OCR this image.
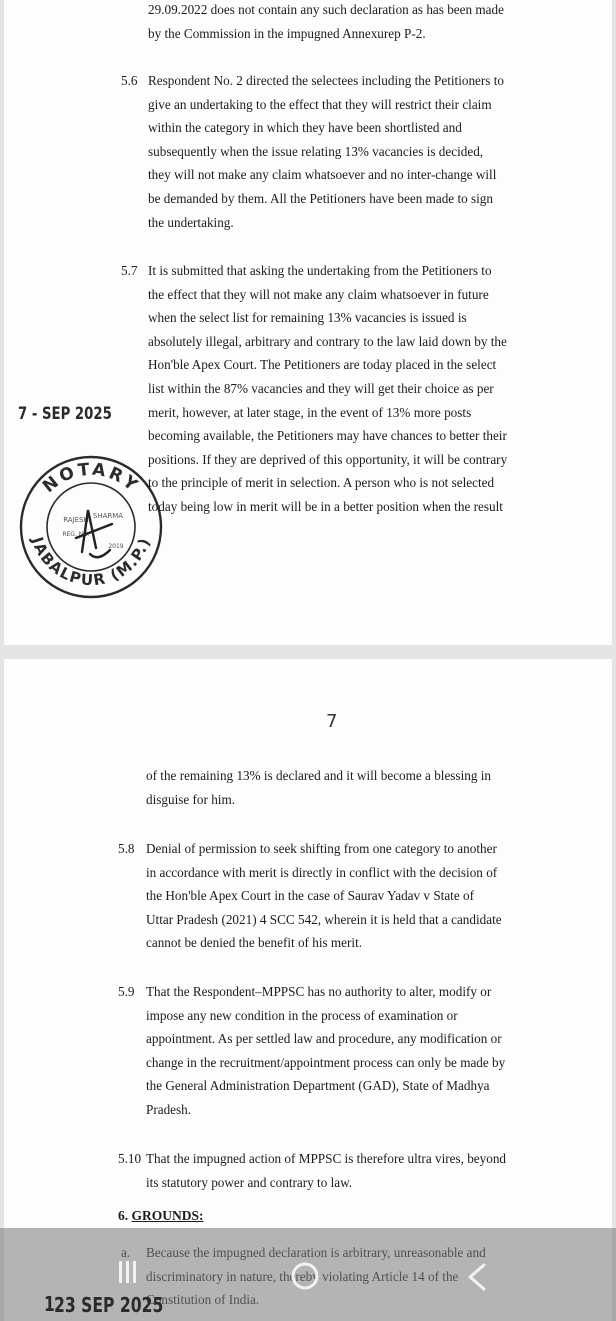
29.09.2022 does not contain any such declaration as has been made
by the Commission in the impugned Annexurep P-2.

5.6 Respondent No. 2 directed the selectees including the Petitioners to
give an undertaking to the effect that they will restrict their claim
within the category in which they have been shortlisted and
subsequently when the issue relating 13% vacancies is decided,
they will not make any claim whatsoever and no inter-change will
be demanded by them. All the Petitioners have been made to sign
the undertaking.

5.7 It is submitted that asking the undertaking from the Petitioners to
the effect that they will not make any claim whatsoever in future
when the select list for remaining 13% vacancies is issued is
absolutely illegal, arbitrary and contrary to the law laid down by the
Hon'ble Apex Court. The Petitioners are today placed in the select
list within the 87% vacancies and they will get their choice as per
merit, however, at later stage, in the event of 13% more posts
becoming available, the Petitioners may have chances to better their
positions. If they are deprived of this opportunity, it will be contrary
to the principle of merit in selection. A person who is not selected
today being low in merit will be in a better position when the result

7 - SEP 2025
NOTARY
JABALPUR (M.P.)
RAJESH SHARMA
REG. NO.
2019
7

of the remaining 13% is declared and it will become a blessing in
disguise for him.

5.8 Denial of permission to seek shifting from one category to another
in accordance with merit is directly in conflict with the decision of
the Hon'ble Apex Court in the case of Saurav Yadav v State of
Uttar Pradesh (2021) 4 SCC 542, wherein it is held that a candidate
cannot be denied the benefit of his merit.

5.9 That the Respondent–MPPSC has no authority to alter, modify or
impose any new condition in the process of examination or
appointment. As per settled law and procedure, any modification or
change in the recruitment/appointment process can only be made by
the General Administration Department (GAD), State of Madhya
Pradesh.

5.10 That the impugned action of MPPSC is therefore ultra vires, beyond
its statutory power and contrary to law.

6. GROUNDS:

1 23 SEP 2025
